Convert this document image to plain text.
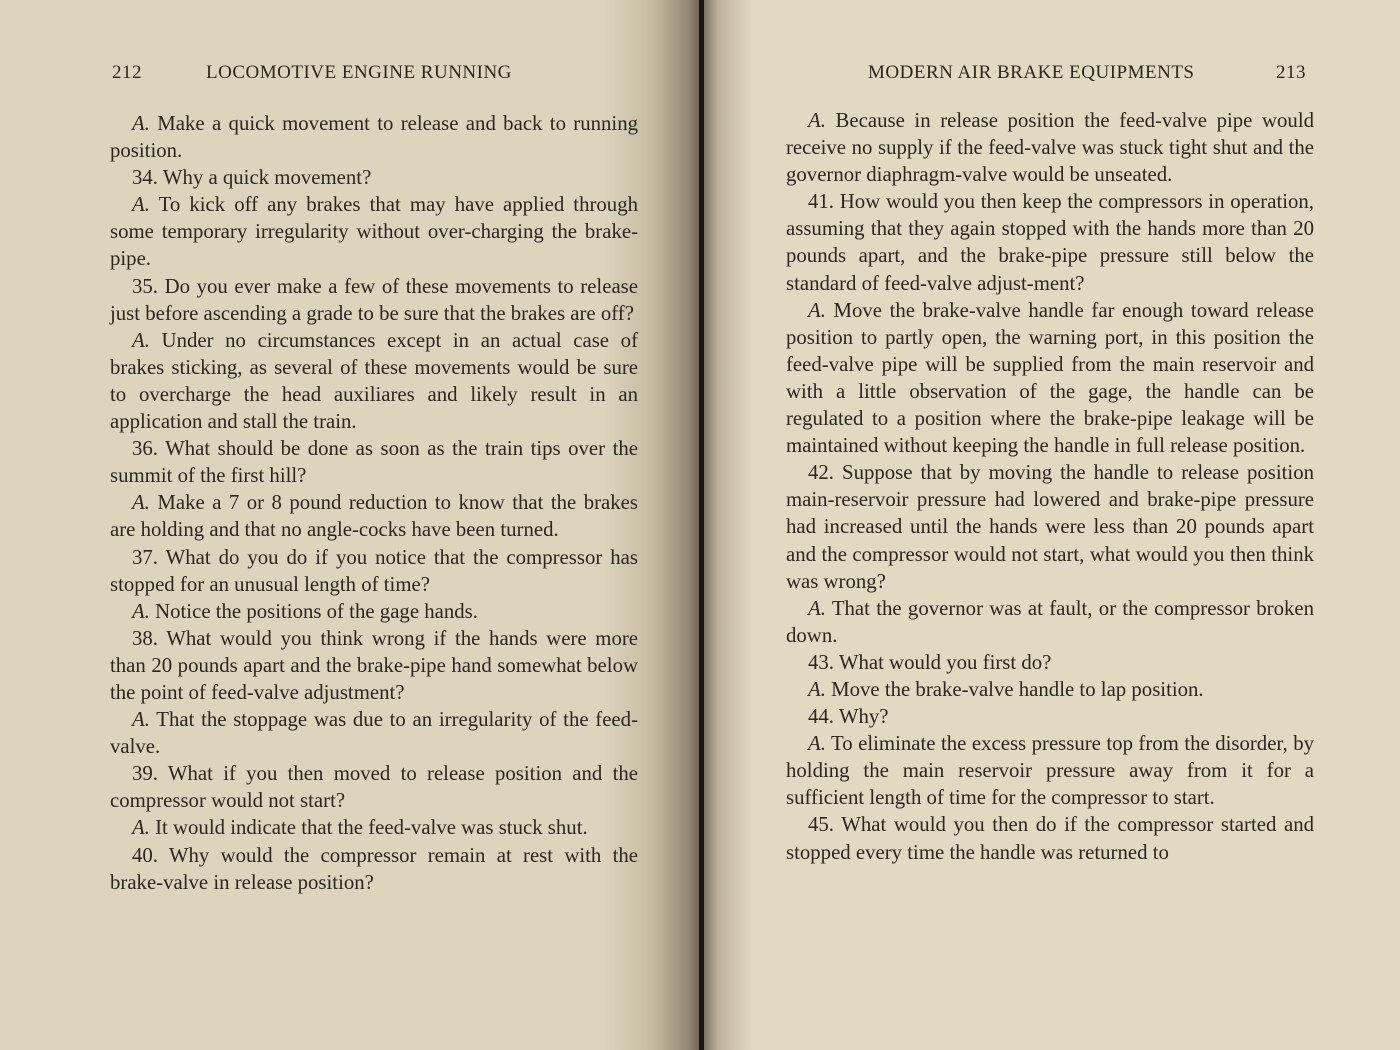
212	LOCOMOTIVE ENGINE RUNNING

A. Make a quick movement to release and back to running position.

34. Why a quick movement?

A. To kick off any brakes that may have applied through some temporary irregularity without over-charging the brake-pipe.

35. Do you ever make a few of these movements to release just before ascending a grade to be sure that the brakes are off?

A. Under no circumstances except in an actual case of brakes sticking, as several of these movements would be sure to overcharge the head auxiliares and likely result in an application and stall the train.

36. What should be done as soon as the train tips over the summit of the first hill?

A. Make a 7 or 8 pound reduction to know that the brakes are holding and that no angle-cocks have been turned.

37. What do you do if you notice that the compressor has stopped for an unusual length of time?

A. Notice the positions of the gage hands.

38. What would you think wrong if the hands were more than 20 pounds apart and the brake-pipe hand somewhat below the point of feed-valve adjustment?

A. That the stoppage was due to an irregularity of the feed-valve.

39. What if you then moved to release position and the compressor would not start?

A. It would indicate that the feed-valve was stuck shut.

40. Why would the compressor remain at rest with the brake-valve in release position?

MODERN AIR BRAKE EQUIPMENTS	213

A. Because in release position the feed-valve pipe would receive no supply if the feed-valve was stuck tight shut and the governor diaphragm-valve would be unseated.

41. How would you then keep the compressors in operation, assuming that they again stopped with the hands more than 20 pounds apart, and the brake-pipe pressure still below the standard of feed-valve adjust-ment?

A. Move the brake-valve handle far enough toward release position to partly open, the warning port, in this position the feed-valve pipe will be supplied from the main reservoir and with a little observation of the gage, the handle can be regulated to a position where the brake-pipe leakage will be maintained without keeping the handle in full release position.

42. Suppose that by moving the handle to release position main-reservoir pressure had lowered and brake-pipe pressure had increased until the hands were less than 20 pounds apart and the compressor would not start, what would you then think was wrong?

A. That the governor was at fault, or the compressor broken down.

43. What would you first do?

A. Move the brake-valve handle to lap position.

44. Why?

A. To eliminate the excess pressure top from the disorder, by holding the main reservoir pressure away from it for a sufficient length of time for the compressor to start.

45. What would you then do if the compressor started and stopped every time the handle was returned to
